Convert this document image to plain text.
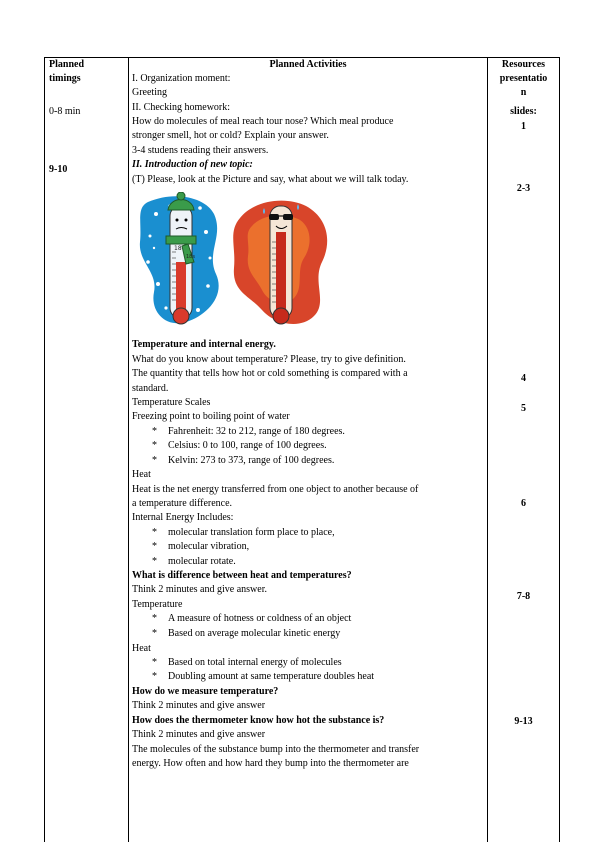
Planned
timings
Planned Activities	Resources
presentatio
n
slides:
0-8 min
9-10
1
2-3
4
5
6
7-8
9-13
I. Organization moment:
Greeting
II. Checking homework:
How do molecules of meal reach tour nose? Which meal produce
stronger smell, hot or cold? Explain your answer.
3-4 studens reading their answers.
II. Introduction of new topic:
(T) Please, look at the Picture and say, what about we will talk today.
Temperature and internal energy.
What do you know about temperature? Please, try to give definition.
The quantity that tells how hot or cold something is compared with a
standard.
Temperature Scales
Freezing point to boiling point of water
* Fahrenheit: 32 to 212, range of 180 degrees.
* Celsius: 0 to 100, range of 100 degrees.
* Kelvin: 273 to 373, range of 100 degrees.
Heat
Heat is the net energy transferred from one object to another because of
a temperature difference.
Internal Energy Includes:
* molecular translation form place to place,
* molecular vibration,
* molecular rotate.
What is difference between heat and temperatures?
Think 2 minutes and give answer.
Temperature
* A measure of hotness or coldness of an object
* Based on average molecular kinetic energy
Heat
* Based on total internal energy of molecules
* Doubling amount at same temperature doubles heat
How do we measure temperature?
Think 2 minutes and give answer
How does the thermometer know how hot the substance is?
Think 2 minutes and give answer
The molecules of the substance bump into the thermometer and transfer
energy. How often and how hard they bump into the thermometer are
18
18s
